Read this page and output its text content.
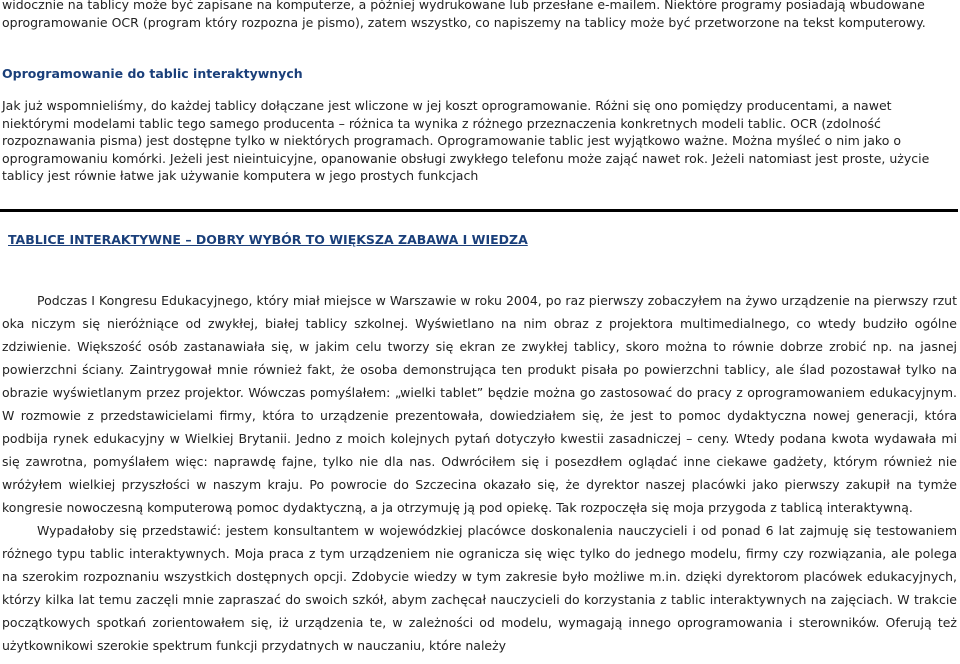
widocznie na tablicy może być zapisane na komputerze, a później wydrukowane lub przesłane e-mailem. Niektóre programy posiadają wbudowane oprogramowanie OCR (program który rozpozna je pismo), zatem wszystko, co napiszemy na tablicy może być przetworzone na tekst komputerowy.

Oprogramowanie do tablic interaktywnych

Jak już wspomnieliśmy, do każdej tablicy dołączane jest wliczone w jej koszt oprogramowanie. Różni się ono pomiędzy producentami, a nawet niektórymi modelami tablic tego samego producenta – różnica ta wynika z różnego przeznaczenia konkretnych modeli tablic. OCR (zdolność rozpoznawania pisma) jest dostępne tylko w niektórych programach. Oprogramowanie tablic jest wyjątkowo ważne. Można myśleć o nim jako o oprogramowaniu komórki. Jeżeli jest nieintuicyjne, opanowanie obsługi zwykłego telefonu może zająć nawet rok. Jeżeli natomiast jest proste, użycie tablicy jest równie łatwe jak używanie komputera w jego prostych funkcjach

TABLICE INTERAKTYWNE – DOBRY WYBÓR TO WIĘKSZA ZABAWA I WIEDZA

Podczas I Kongresu Edukacyjnego, który miał miejsce w Warszawie w roku 2004, po raz pierwszy zobaczyłem na żywo urządzenie na pierwszy rzut oka niczym się nieróżniące od zwykłej, białej tablicy szkolnej. Wyświetlano na nim obraz z projektora multimedialnego, co wtedy budziło ogólne zdziwienie. Większość osób zastanawiała się, w jakim celu tworzy się ekran ze zwykłej tablicy, skoro można to równie dobrze zrobić np. na jasnej powierzchni ściany. Zaintrygował mnie również fakt, że osoba demonstrująca ten produkt pisała po powierzchni tablicy, ale ślad pozostawał tylko na obrazie wyświetlanym przez projektor. Wówczas pomyślałem: „wielki tablet” będzie można go zastosować do pracy z oprogramowaniem edukacyjnym. W rozmowie z przedstawicielami firmy, która to urządzenie prezentowała, dowiedziałem się, że jest to pomoc dydaktyczna nowej generacji, która podbija rynek edukacyjny w Wielkiej Brytanii. Jedno z moich kolejnych pytań dotyczyło kwestii zasadniczej – ceny. Wtedy podana kwota wydawała mi się zawrotna, pomyślałem więc: naprawdę fajne, tylko nie dla nas. Odwróciłem się i posezdłem oglądać inne ciekawe gadżety, którym również nie wróżyłem wielkiej przyszłości w naszym kraju. Po powrocie do Szczecina okazało się, że dyrektor naszej placówki jako pierwszy zakupił na tymże kongresie nowoczesną komputerową pomoc dydaktyczną, a ja otrzymuję ją pod opiekę. Tak rozpoczęła się moja przygoda z tablicą interaktywną.

Wypadałoby się przedstawić: jestem konsultantem w wojewódzkiej placówce doskonalenia nauczycieli i od ponad 6 lat zajmuję się testowaniem różnego typu tablic interaktywnych. Moja praca z tym urządzeniem nie ogranicza się więc tylko do jednego modelu, firmy czy rozwiązania, ale polega na szerokim rozpoznaniu wszystkich dostępnych opcji. Zdobycie wiedzy w tym zakresie było możliwe m.in. dzięki dyrektorom placówek edukacyjnych, którzy kilka lat temu zaczęli mnie zapraszać do swoich szkół, abym zachęcał nauczycieli do korzystania z tablic interaktywnych na zajęciach. W trakcie początkowych spotkań zorientowałem się, iż urządzenia te, w zależności od modelu, wymagają innego oprogramowania i sterowników. Oferują też użytkownikowi szerokie spektrum funkcji przydatnych w nauczaniu, które należy
